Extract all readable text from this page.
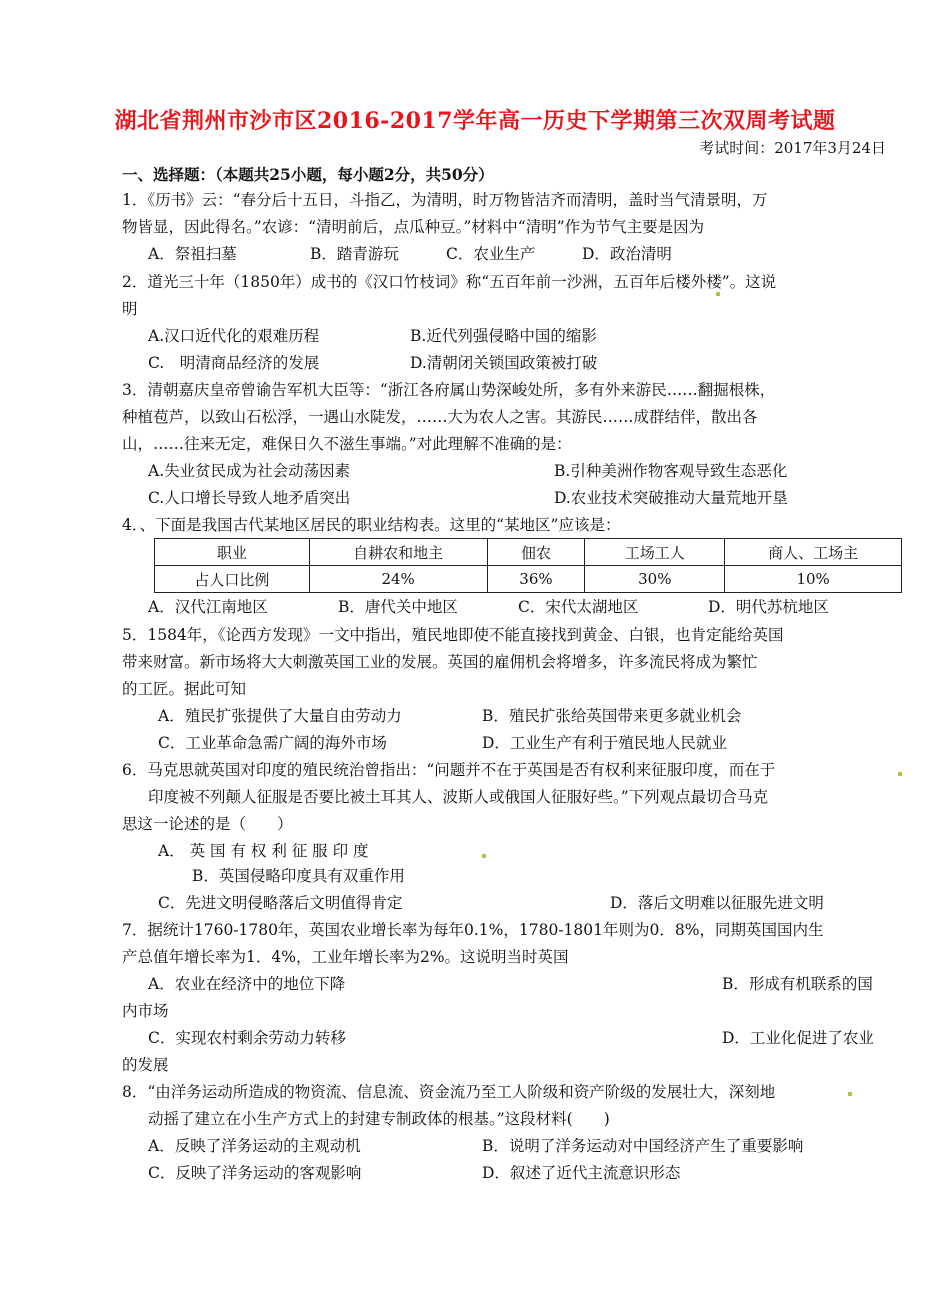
湖北省荆州市沙市区2016-2017学年高一历史下学期第三次双周考试题
考试时间：2017年3月24日
一、选择题：（本题共25小题，每小题2分，共50分）
1．《历书》云：“春分后十五日，斗指乙，为清明，时万物皆洁齐而清明，盖时当气清景明，万
物皆显，因此得名。”农谚：“清明前后，点瓜种豆。”材料中“清明”作为节气主要是因为
A．祭祖扫墓	B．踏青游玩	C．农业生产	D．政治清明
2．道光三十年（1850年）成书的《汉口竹枝词》称“五百年前一沙洲，五百年后楼外楼”。这说
明
A.汉口近代化的艰难历程	B.近代列强侵略中国的缩影
C.　明清商品经济的发展	D.清朝闭关锁国政策被打破
3．清朝嘉庆皇帝曾谕告军机大臣等：“浙江各府属山势深峻处所，多有外来游民……翻掘根株，
种植苞芦，以致山石松浮，一遇山水陡发，……大为农人之害。其游民……成群结伴，散出各
山，……往来无定，难保日久不滋生事端。”对此理解不准确的是：
A.失业贫民成为社会动荡因素	B.引种美洲作物客观导致生态恶化
C.人口增长导致人地矛盾突出	D.农业技术突破推动大量荒地开垦
4．、下面是我国古代某地区居民的职业结构表。这里的“某地区”应该是：
职业	自耕农和地主	佃农	工场工人	商人、工场主
占人口比例	24%	36%	30%	10%
A．汉代江南地区	B．唐代关中地区	C．宋代太湖地区	D．明代苏杭地区
5．1584年，《论西方发现》一文中指出，殖民地即使不能直接找到黄金、白银，也肯定能给英国
带来财富。新市场将大大刺激英国工业的发展。英国的雇佣机会将增多，许多流民将成为繁忙
的工匠。据此可知
A．殖民扩张提供了大量自由劳动力	B．殖民扩张给英国带来更多就业机会
C．工业革命急需广阔的海外市场	D．工业生产有利于殖民地人民就业
6．马克思就英国对印度的殖民统治曾指出：“问题并不在于英国是否有权利来征服印度，而在于
印度被不列颠人征服是否要比被土耳其人、波斯人或俄国人征服好些。”下列观点最切合马克
思这一论述的是（　　）
A． 英 国 有 权 利 征 服 印 度
B．英国侵略印度具有双重作用
C．先进文明侵略落后文明值得肯定	D．落后文明难以征服先进文明
7．据统计1760-1780年，英国农业增长率为每年0.1%，1780-1801年则为0．8%，同期英国国内生
产总值年增长率为1．4%，工业年增长率为2%。这说明当时英国
A．农业在经济中的地位下降	B．形成有机联系的国
内市场
C．实现农村剩余劳动力转移	D．工业化促进了农业
的发展
8．“由洋务运动所造成的物资流、信息流、资金流乃至工人阶级和资产阶级的发展壮大，深刻地
动摇了建立在小生产方式上的封建专制政体的根基。”这段材料(　　)
A．反映了洋务运动的主观动机	B．说明了洋务运动对中国经济产生了重要影响
C．反映了洋务运动的客观影响	D．叙述了近代主流意识形态
